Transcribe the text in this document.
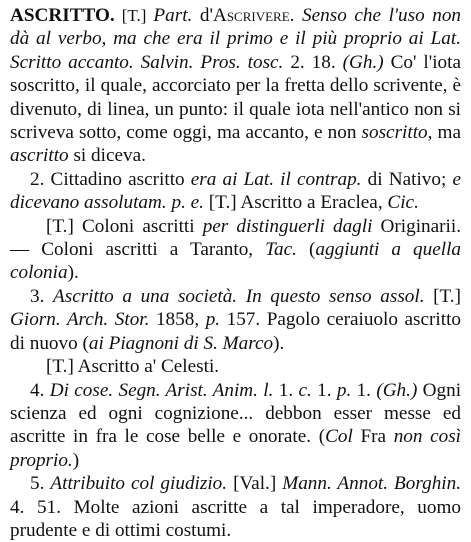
ASCRITTO. [T.] Part. d'Ascrivere. Senso che l'uso non dà al verbo, ma che era il primo e il più proprio ai Lat. Scritto accanto. Salvin. Pros. tosc. 2. 18. (Gh.) Co' l'iota soscritto, il quale, accorciato per la fretta dello scrivente, è divenuto, di linea, un punto: il quale iota nell'antico non si scriveva sotto, come oggi, ma accanto, e non soscritto, ma ascritto si diceva.

2. Cittadino ascritto era ai Lat. il contrap. di Nativo; e dicevano assolutam. p. e. [T.] Ascritto a Eraclea, Cic.

[T.] Coloni ascritti per distinguerli dagli Originarii. — Coloni ascritti a Taranto, Tac. (aggiunti a quella colonia).

3. Ascritto a una società. In questo senso assol. [T.] Giorn. Arch. Stor. 1858, p. 157. Pagolo ceraiuolo ascritto di nuovo (ai Piagnoni di S. Marco).

[T.] Ascritto a' Celesti.

4. Di cose. Segn. Arist. Anim. l. 1. c. 1. p. 1. (Gh.) Ogni scienza ed ogni cognizione... debbon esser messe ed ascritte in fra le cose belle e onorate. (Col Fra non così proprio.)

5. Attribuito col giudizio. [Val.] Mann. Annot. Borghin. 4. 51. Molte azioni ascritte a tal imperadore, uomo prudente e di ottimi costumi.
